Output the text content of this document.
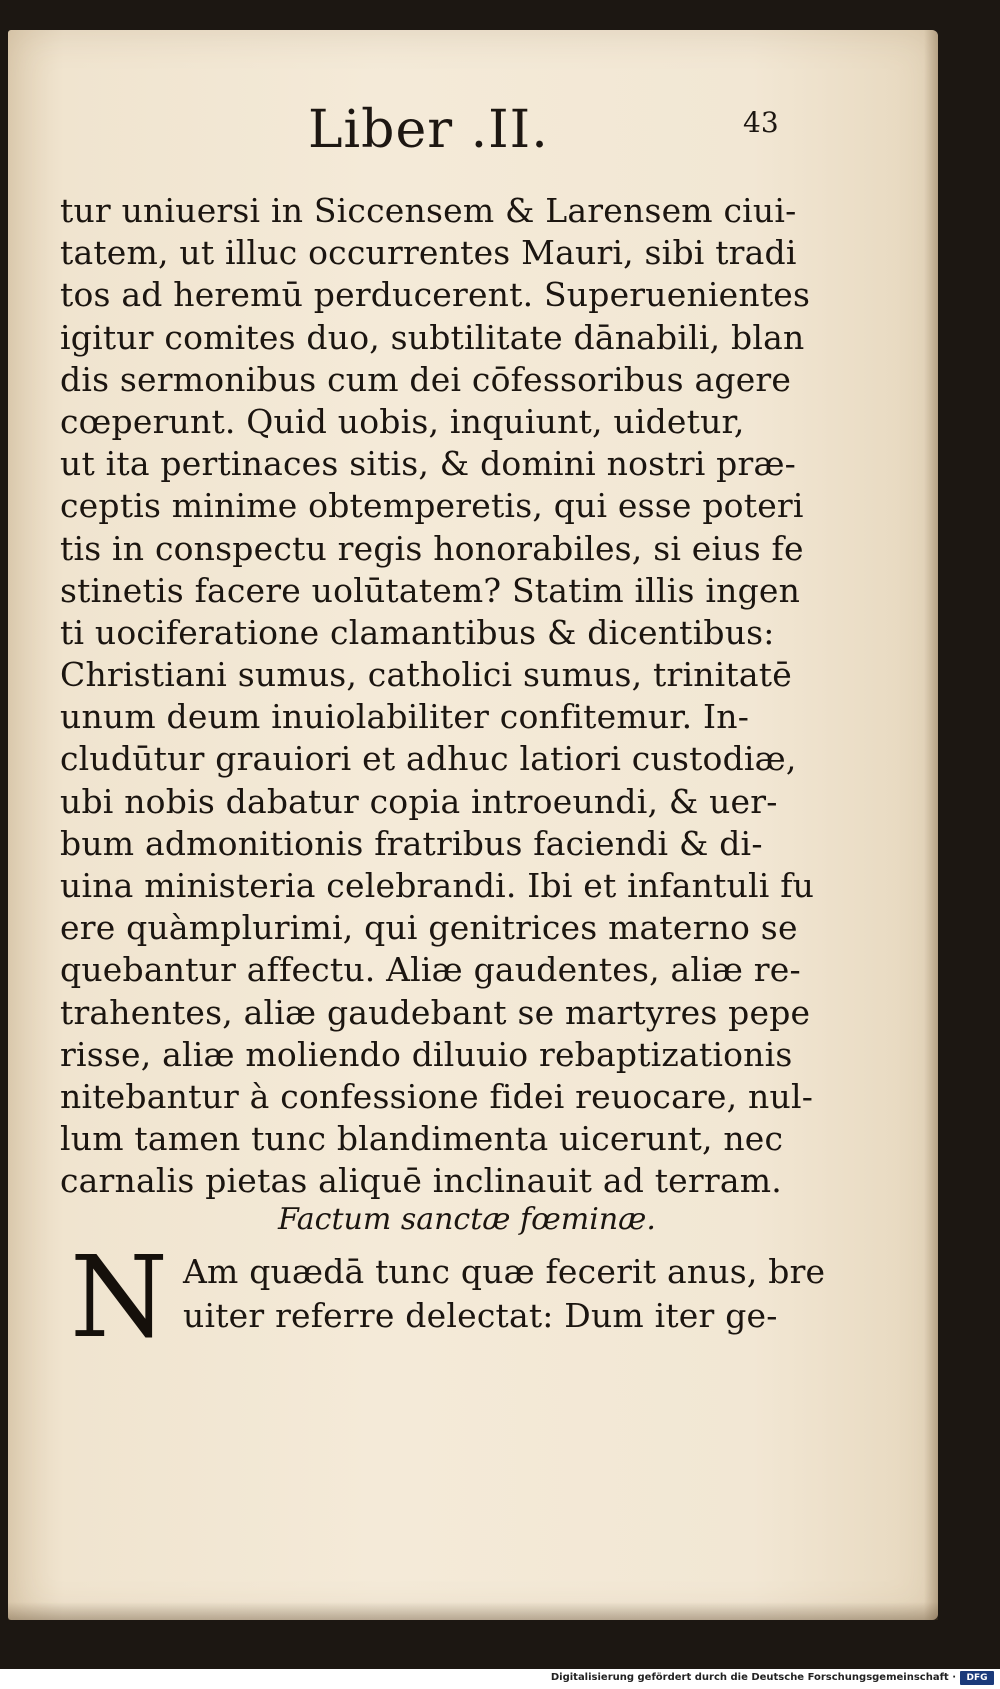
Liber .II.	43
tur uniuersi in Siccensem & Larensem ciui-
tatem, ut illuc occurrentes Mauri, sibi tradi
tos ad heremū perducerent. Superuenientes
igitur comites duo, subtilitate dānabili, blan
dis sermonibus cum dei cōfessoribus agere
cœperunt. Quid uobis, inquiunt, uidetur,
ut ita pertinaces sitis, & domini nostri præ-
ceptis minime obtemperetis, qui esse poteri
tis in conspectu regis honorabiles, si eius fe
stinetis facere uolūtatem? Statim illis ingen
ti uociferatione clamantibus & dicentibus:
Christiani sumus, catholici sumus, trinitatē
unum deum inuiolabiliter confitemur. In-
cludūtur grauiori et adhuc latiori custodiæ,
ubi nobis dabatur copia introeundi, & uer-
bum admonitionis fratribus faciendi & di-
uina ministeria celebrandi. Ibi et infantuli fu
ere quàmplurimi, qui genitrices materno se
quebantur affectu. Aliæ gaudentes, aliæ re-
trahentes, aliæ gaudebant se martyres pepe
risse, aliæ moliendo diluuio rebaptizationis
nitebantur à confessione fidei reuocare, nul-
lum tamen tunc blandimenta uicerunt, nec
carnalis pietas aliquē inclinauit ad terram.
Factum sanctæ fœminæ.
N Am quædā tunc quæ fecerit anus, bre
uiter referre delectat: Dum iter ge-
Digitalisierung gefördert durch die Deutsche Forschungsgemeinschaft ·	DFG
